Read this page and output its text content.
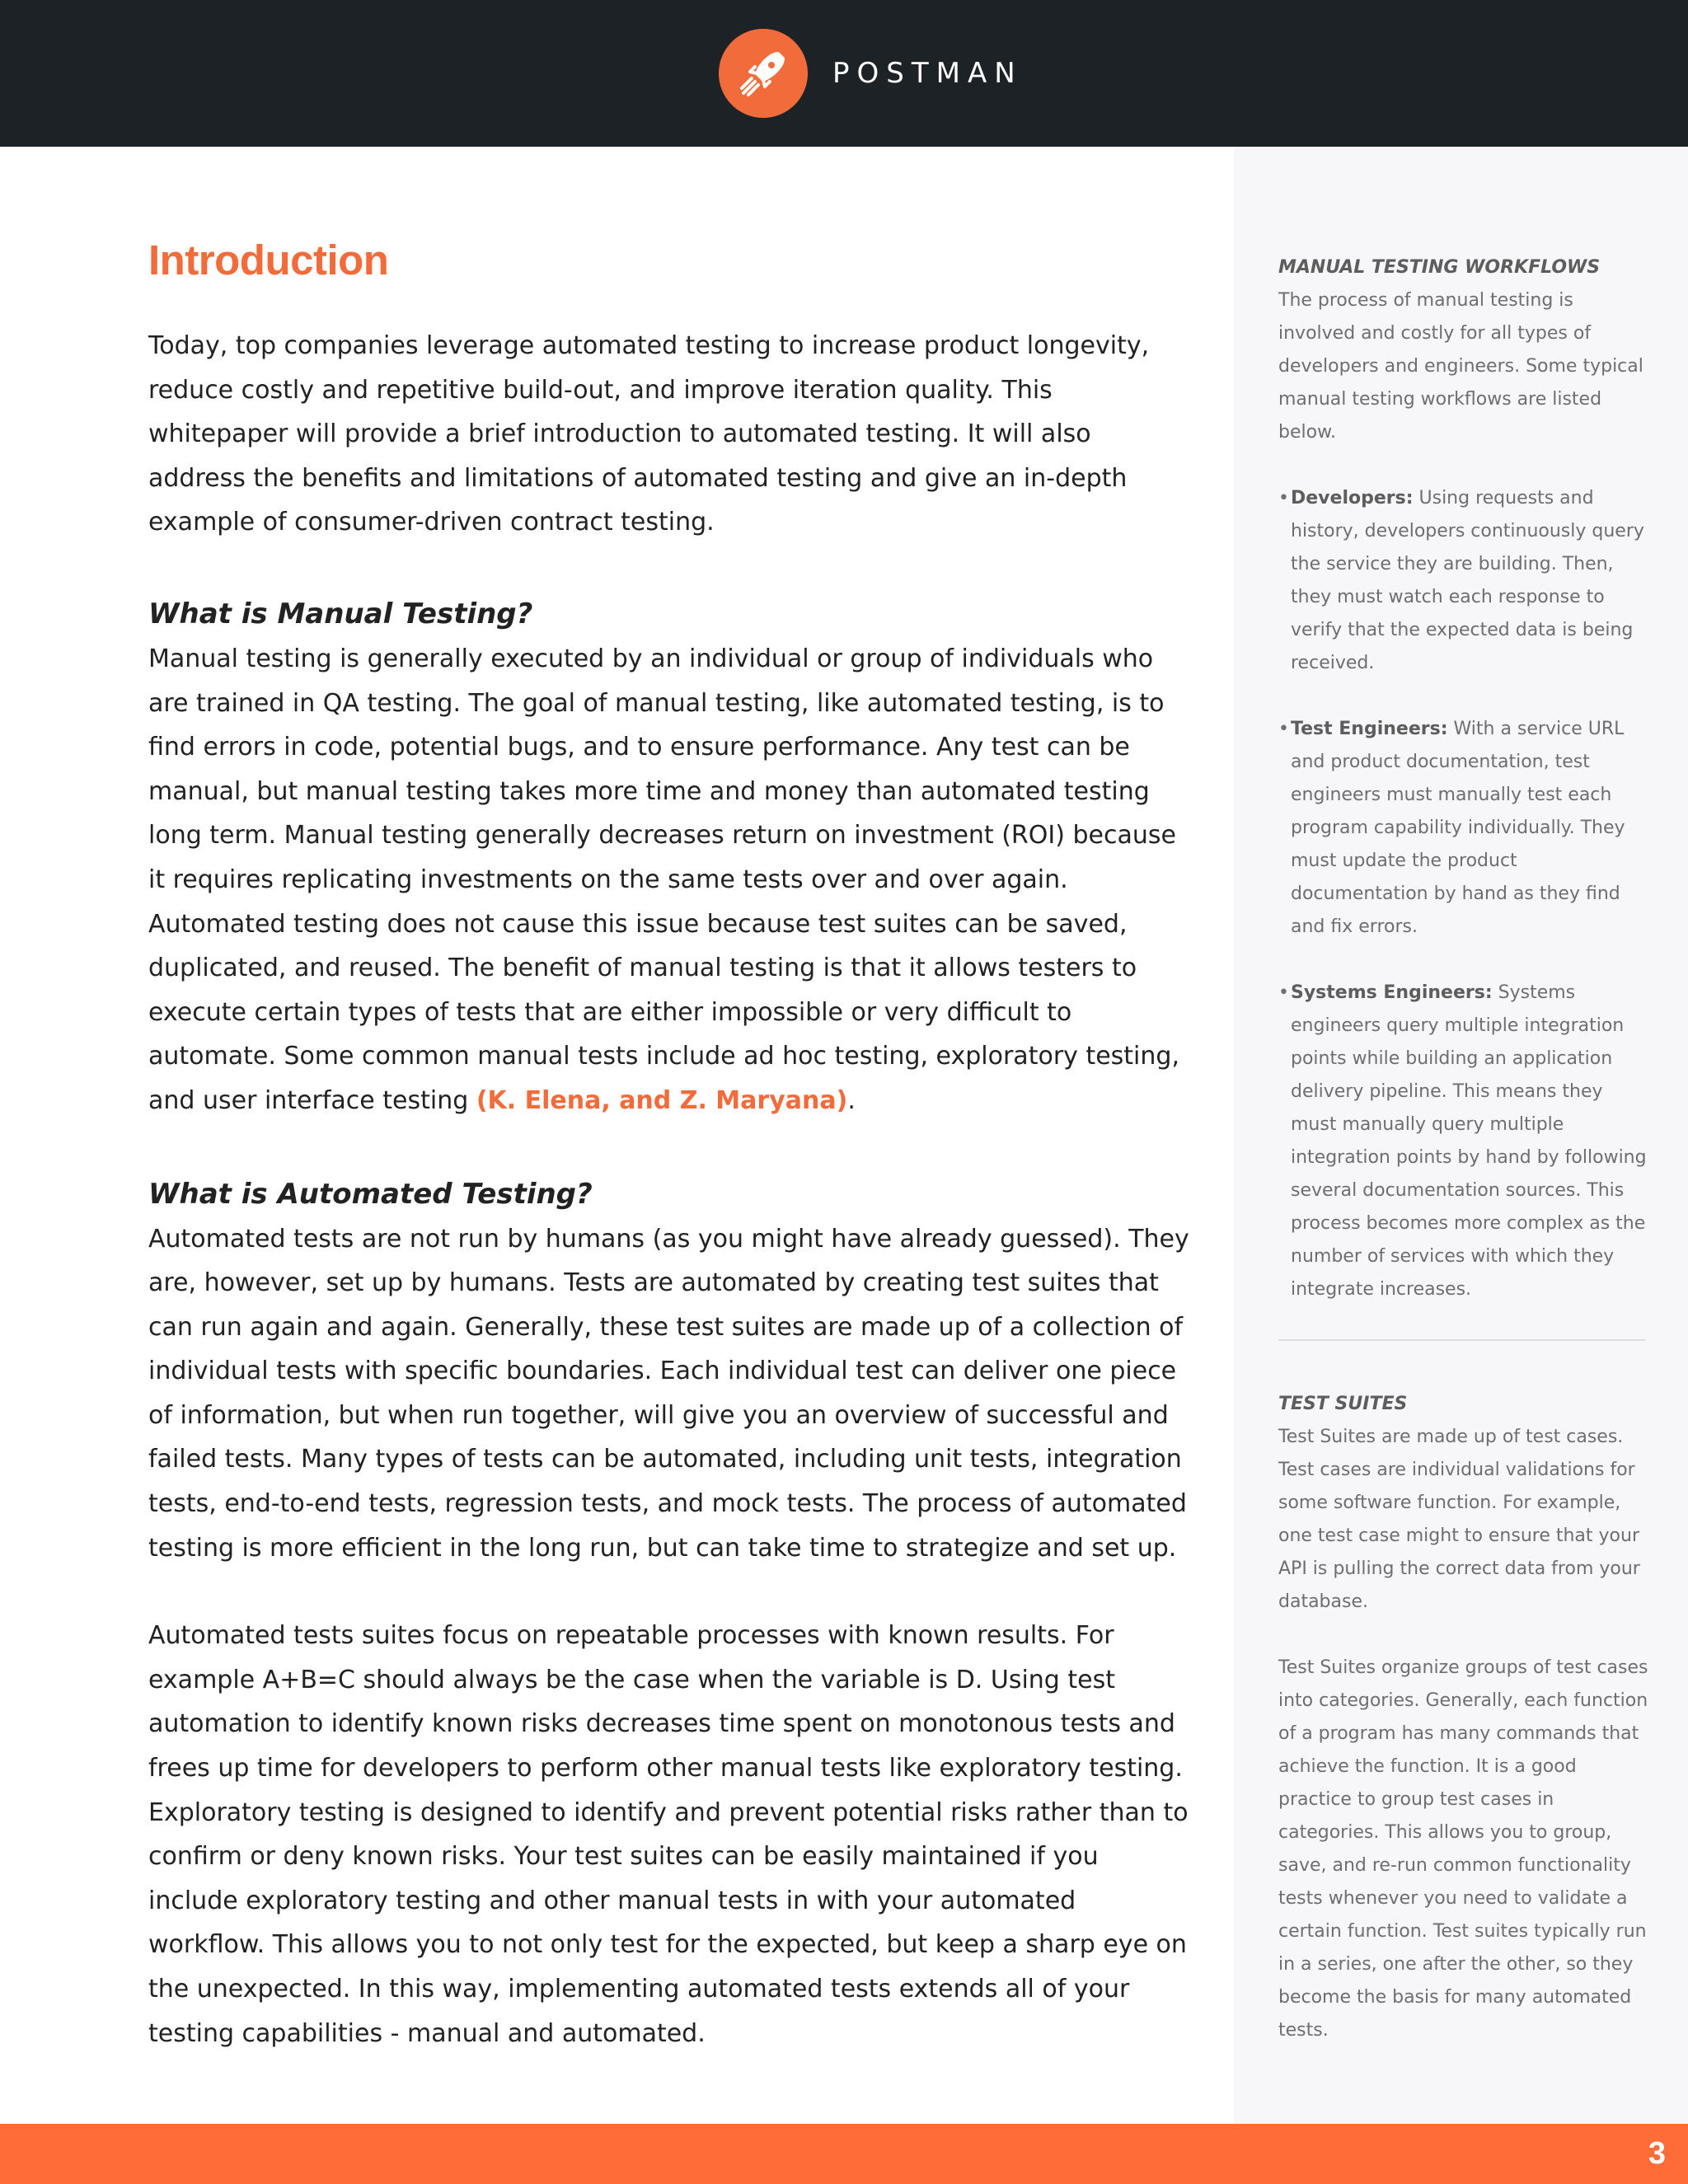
POSTMAN
Introduction

Today, top companies leverage automated testing to increase product longevity, reduce costly and repetitive build-out, and improve iteration quality. This whitepaper will provide a brief introduction to automated testing. It will also address the benefits and limitations of automated testing and give an in-depth example of consumer-driven contract testing.

What is Manual Testing?

Manual testing is generally executed by an individual or group of individuals who are trained in QA testing. The goal of manual testing, like automated testing, is to find errors in code, potential bugs, and to ensure performance. Any test can be manual, but manual testing takes more time and money than automated testing long term. Manual testing generally decreases return on investment (ROI) because it requires replicating investments on the same tests over and over again. Automated testing does not cause this issue because test suites can be saved, duplicated, and reused. The benefit of manual testing is that it allows testers to execute certain types of tests that are either impossible or very difficult to automate. Some common manual tests include ad hoc testing, exploratory testing, and user interface testing (K. Elena, and Z. Maryana).

What is Automated Testing?

Automated tests are not run by humans (as you might have already guessed). They are, however, set up by humans. Tests are automated by creating test suites that can run again and again. Generally, these test suites are made up of a collection of individual tests with specific boundaries. Each individual test can deliver one piece of information, but when run together, will give you an overview of successful and failed tests. Many types of tests can be automated, including unit tests, integration tests, end-to-end tests, regression tests, and mock tests. The process of automated testing is more efficient in the long run, but can take time to strategize and set up.

Automated tests suites focus on repeatable processes with known results. For example A+B=C should always be the case when the variable is D. Using test automation to identify known risks decreases time spent on monotonous tests and frees up time for developers to perform other manual tests like exploratory testing. Exploratory testing is designed to identify and prevent potential risks rather than to confirm or deny known risks. Your test suites can be easily maintained if you include exploratory testing and other manual tests in with your automated workflow. This allows you to not only test for the expected, but keep a sharp eye on the unexpected. In this way, implementing automated tests extends all of your testing capabilities - manual and automated.

MANUAL TESTING WORKFLOWS

The process of manual testing is involved and costly for all types of developers and engineers. Some typical manual testing workflows are listed below.

• Developers: Using requests and history, developers continuously query the service they are building. Then, they must watch each response to verify that the expected data is being received.
• Test Engineers: With a service URL and product documentation, test engineers must manually test each program capability individually. They must update the product documentation by hand as they find and fix errors.
• Systems Engineers: Systems engineers query multiple integration points while building an application delivery pipeline. This means they must manually query multiple integration points by hand by following several documentation sources. This process becomes more complex as the number of services with which they integrate increases.
TEST SUITES

Test Suites are made up of test cases. Test cases are individual validations for some software function. For example, one test case might to ensure that your API is pulling the correct data from your database.

Test Suites organize groups of test cases into categories. Generally, each function of a program has many commands that achieve the function. It is a good practice to group test cases in categories. This allows you to group, save, and re-run common functionality tests whenever you need to validate a certain function. Test suites typically run in a series, one after the other, so they become the basis for many automated tests.

3
